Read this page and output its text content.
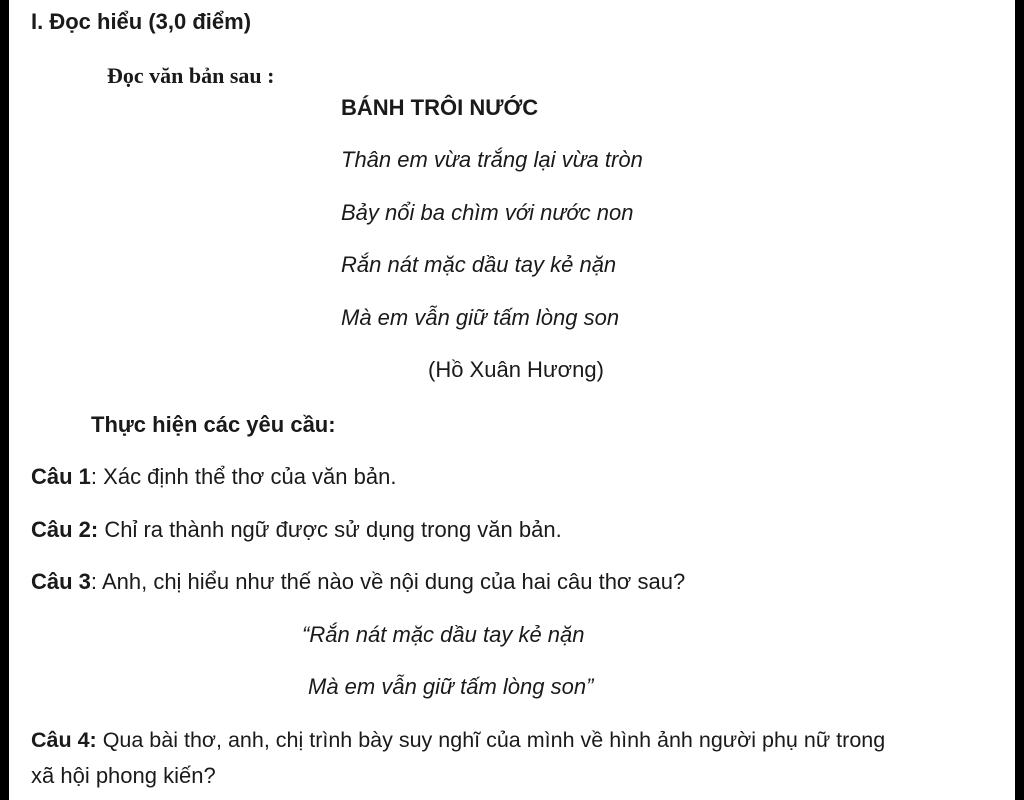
I. Đọc hiểu (3,0 điểm)
Đọc văn bản sau :
BÁNH TRÔI NƯỚC
Thân em vừa trắng lại vừa tròn
Bảy nổi ba chìm với nước non
Rắn nát mặc dầu tay kẻ nặn
Mà em vẫn giữ tấm lòng son
(Hồ Xuân Hương)
Thực hiện các yêu cầu:
Câu 1: Xác định thể thơ của văn bản.
Câu 2: Chỉ ra thành ngữ được sử dụng trong văn bản.
Câu 3: Anh, chị hiểu như thế nào về nội dung của hai câu thơ sau?
“Rắn nát mặc dầu tay kẻ nặn
Mà em vẫn giữ tấm lòng son”
Câu 4: Qua bài thơ, anh, chị trình bày suy nghĩ của mình về hình ảnh người phụ nữ trong
xã hội phong kiến?
